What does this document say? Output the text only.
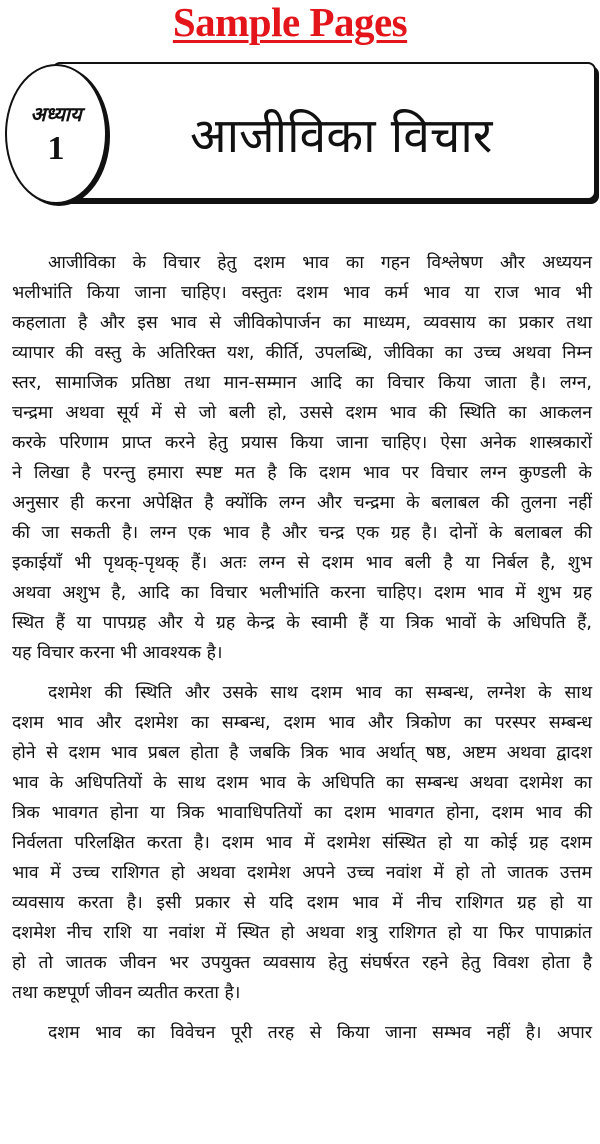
Sample Pages
आजीविका विचार
अध्याय
1

आजीविका के विचार हेतु दशम भाव का गहन विश्लेषण और अध्ययन
भलीभांति किया जाना चाहिए। वस्तुतः दशम भाव कर्म भाव या राज भाव भी
कहलाता है और इस भाव से जीविकोपार्जन का माध्यम, व्यवसाय का प्रकार तथा
व्यापार की वस्तु के अतिरिक्त यश, कीर्ति, उपलब्धि, जीविका का उच्च अथवा निम्न
स्तर, सामाजिक प्रतिष्ठा तथा मान-सम्मान आदि का विचार किया जाता है। लग्न,
चन्द्रमा अथवा सूर्य में से जो बली हो, उससे दशम भाव की स्थिति का आकलन
करके परिणाम प्राप्त करने हेतु प्रयास किया जाना चाहिए। ऐसा अनेक शास्त्रकारों
ने लिखा है परन्तु हमारा स्पष्ट मत है कि दशम भाव पर विचार लग्न कुण्डली के
अनुसार ही करना अपेक्षित है क्योंकि लग्न और चन्द्रमा के बलाबल की तुलना नहीं
की जा सकती है। लग्न एक भाव है और चन्द्र एक ग्रह है। दोनों के बलाबल की
इकाईयाँ भी पृथक्-पृथक् हैं। अतः लग्न से दशम भाव बली है या निर्बल है, शुभ
अथवा अशुभ है, आदि का विचार भलीभांति करना चाहिए। दशम भाव में शुभ ग्रह
स्थित हैं या पापग्रह और ये ग्रह केन्द्र के स्वामी हैं या त्रिक भावों के अधिपति हैं,
यह विचार करना भी आवश्यक है।

दशमेश की स्थिति और उसके साथ दशम भाव का सम्बन्ध, लग्नेश के साथ
दशम भाव और दशमेश का सम्बन्ध, दशम भाव और त्रिकोण का परस्पर सम्बन्ध
होने से दशम भाव प्रबल होता है जबकि त्रिक भाव अर्थात् षष्ठ, अष्टम अथवा द्वादश
भाव के अधिपतियों के साथ दशम भाव के अधिपति का सम्बन्ध अथवा दशमेश का
त्रिक भावगत होना या त्रिक भावाधिपतियों का दशम भावगत होना, दशम भाव की
निर्वलता परिलक्षित करता है। दशम भाव में दशमेश संस्थित हो या कोई ग्रह दशम
भाव में उच्च राशिगत हो अथवा दशमेश अपने उच्च नवांश में हो तो जातक उत्तम
व्यवसाय करता है। इसी प्रकार से यदि दशम भाव में नीच राशिगत ग्रह हो या
दशमेश नीच राशि या नवांश में स्थित हो अथवा शत्रु राशिगत हो या फिर पापाक्रांत
हो तो जातक जीवन भर उपयुक्त व्यवसाय हेतु संघर्षरत रहने हेतु विवश होता है
तथा कष्टपूर्ण जीवन व्यतीत करता है।

दशम भाव का विवेचन पूरी तरह से किया जाना सम्भव नहीं है। अपार
